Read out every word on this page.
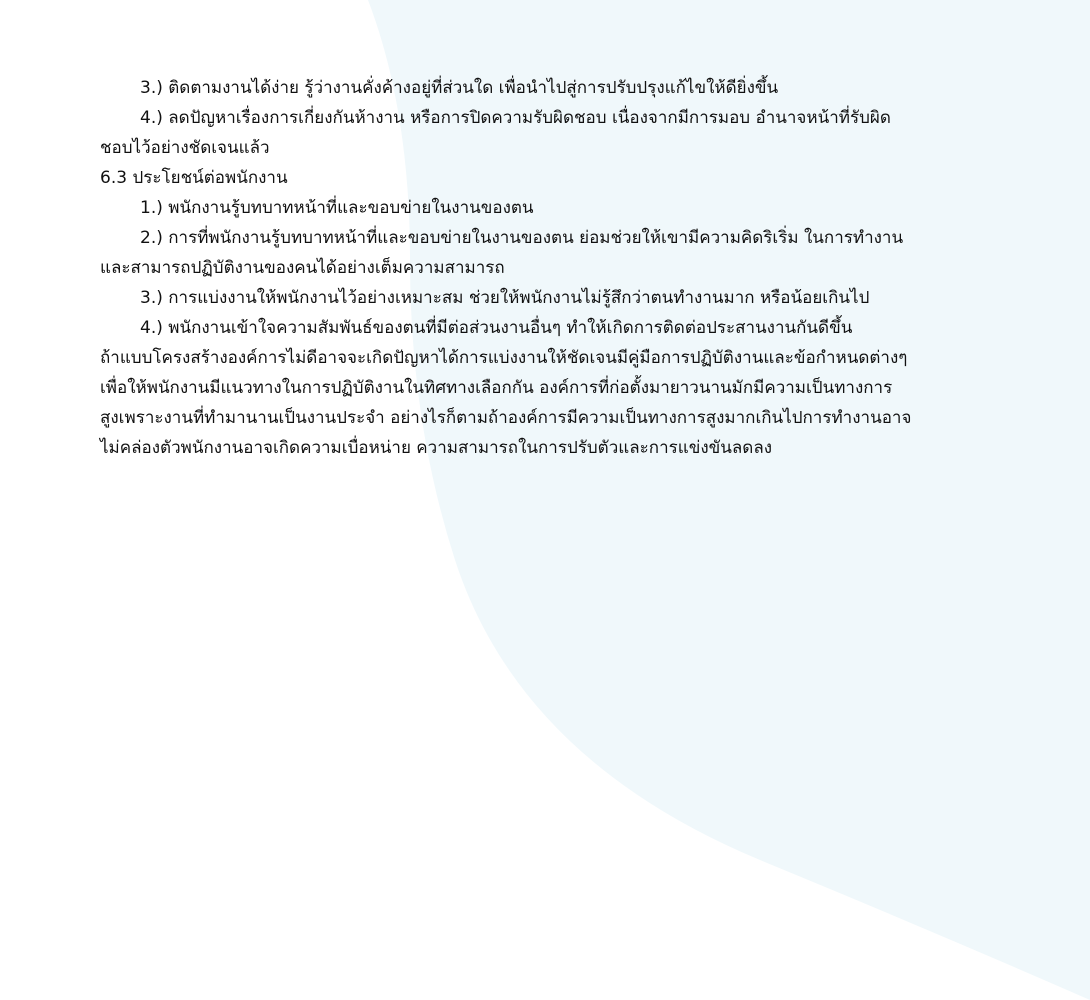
3.) ติดตามงานได้ง่าย รู้ว่างานคั่งค้างอยู่ที่ส่วนใด เพื่อนำไปสู่การปรับปรุงแก้ไขให้ดียิ่งขึ้น
4.) ลดปัญหาเรื่องการเกี่ยงกันห้างาน หรือการปิดความรับผิดชอบ เนื่องจากมีการมอบ อำนาจหน้าที่รับผิด
ชอบไว้อย่างชัดเจนแล้ว
6.3 ประโยชน์ต่อพนักงาน
1.) พนักงานรู้บทบาทหน้าที่และขอบข่ายในงานของตน
2.) การที่พนักงานรู้บทบาทหน้าที่และขอบข่ายในงานของตน ย่อมช่วยให้เขามีความคิดริเริ่ม ในการทำงาน
และสามารถปฏิบัติงานของคนได้อย่างเต็มความสามารถ
3.) การแบ่งงานให้พนักงานไว้อย่างเหมาะสม ช่วยให้พนักงานไม่รู้สึกว่าตนทำงานมาก หรือน้อยเกินไป
4.) พนักงานเข้าใจความสัมพันธ์ของตนที่มีต่อส่วนงานอื่นๆ ทำให้เกิดการติดต่อประสานงานกันดีขึ้น
ถ้าแบบโครงสร้างองค์การไม่ดีอาจจะเกิดปัญหาได้การแบ่งงานให้ชัดเจนมีคู่มือการปฏิบัติงานและข้อกำหนดต่างๆ
เพื่อให้พนักงานมีแนวทางในการปฏิบัติงานในทิศทางเลือกกัน องค์การที่ก่อตั้งมายาวนานมักมีความเป็นทางการ
สูงเพราะงานที่ทำมานานเป็นงานประจำ อย่างไรก็ตามถ้าองค์การมีความเป็นทางการสูงมากเกินไปการทำงานอาจ
ไม่คล่องตัวพนักงานอาจเกิดความเบื่อหน่าย ความสามารถในการปรับตัวและการแข่งขันลดลง
